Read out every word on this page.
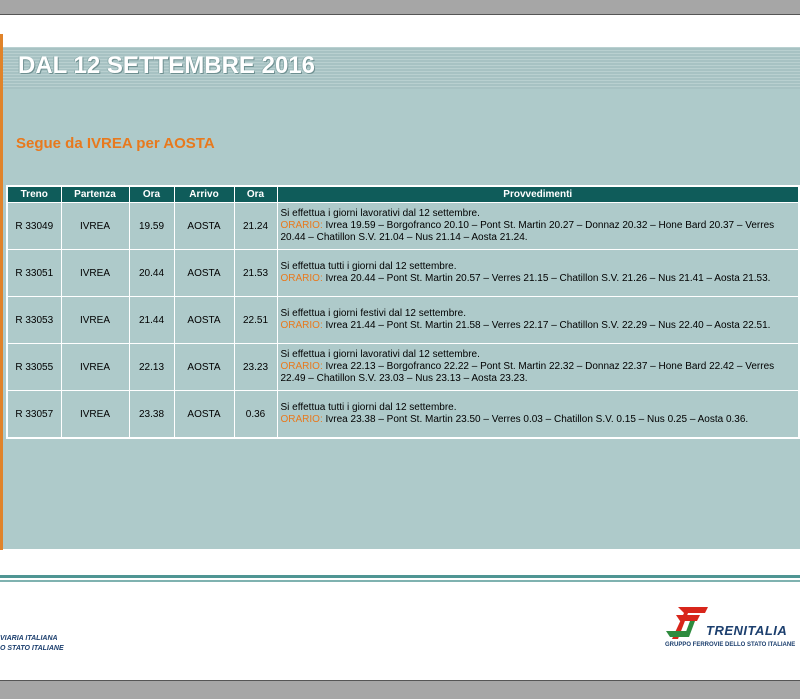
DAL 12 SETTEMBRE 2016
Segue da IVREA per AOSTA
Treno	Partenza	Ora	Arrivo	Ora	Provvedimenti
R 33049	IVREA	19.59	AOSTA	21.24	Si effettua i giorni lavorativi dal 12 settembre.
ORARIO: Ivrea 19.59 – Borgofranco 20.10 – Pont St. Martin 20.27 – Donnaz 20.32 – Hone Bard 20.37 – Verres 20.44 – Chatillon S.V. 21.04 – Nus 21.14 – Aosta 21.24.

R 33051	IVREA	20.44	AOSTA	21.53	Si effettua tutti i giorni dal 12 settembre.
ORARIO: Ivrea 20.44 – Pont St. Martin 20.57 – Verres 21.15 – Chatillon S.V. 21.26 – Nus 21.41 – Aosta 21.53.

R 33053	IVREA	21.44	AOSTA	22.51	Si effettua i giorni festivi dal 12 settembre.
ORARIO: Ivrea 21.44 – Pont St. Martin 21.58 – Verres 22.17 – Chatillon S.V. 22.29 – Nus 22.40 – Aosta 22.51.

R 33055	IVREA	22.13	AOSTA	23.23	Si effettua i giorni lavorativi dal 12 settembre.
ORARIO: Ivrea 22.13 – Borgofranco 22.22 – Pont St. Martin 22.32 – Donnaz 22.37 – Hone Bard 22.42 – Verres 22.49 – Chatillon S.V. 23.03 – Nus 23.13 – Aosta 23.23.

R 33057	IVREA	23.38	AOSTA	0.36	Si effettua tutti i giorni dal 12 settembre.
ORARIO: Ivrea 23.38 – Pont St. Martin 23.50 – Verres 0.03 – Chatillon S.V. 0.15 – Nus 0.25 – Aosta 0.36.
VIARIA ITALIANA
O STATO ITALIANE
TRENITALIA
GRUPPO FERROVIE DELLO STATO ITALIANE
